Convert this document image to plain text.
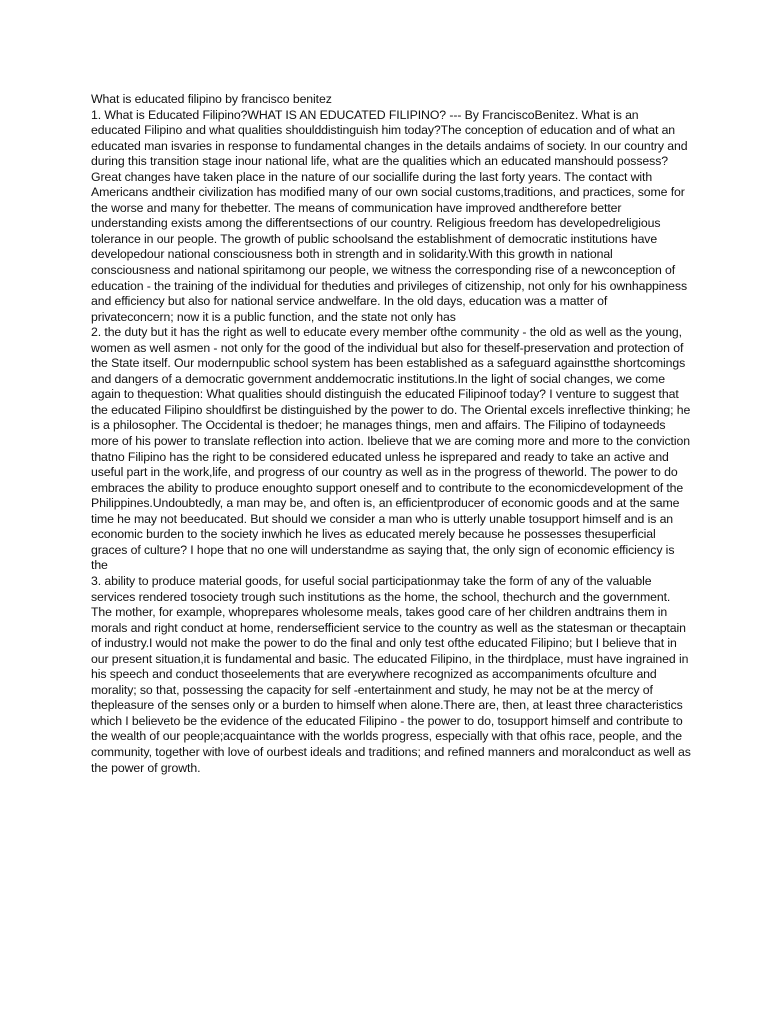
What is educated filipino by francisco benitez

1. What is Educated Filipino?WHAT IS AN EDUCATED FILIPINO? --- By FranciscoBenitez. What is an educated Filipino and what qualities shoulddistinguish him today?The conception of education and of what an educated man isvaries in response to fundamental changes in the details andaims of society. In our country and during this transition stage inour national life, what are the qualities which an educated manshould possess?Great changes have taken place in the nature of our sociallife during the last forty years. The contact with Americans andtheir civilization has modified many of our own social customs,traditions, and practices, some for the worse and many for thebetter. The means of communication have improved andtherefore better understanding exists among the differentsections of our country. Religious freedom has developedreligious tolerance in our people. The growth of public schoolsand the establishment of democratic institutions have developedour national consciousness both in strength and in solidarity.With this growth in national consciousness and national spiritamong our people, we witness the corresponding rise of a newconception of education - the training of the individual for theduties and privileges of citizenship, not only for his ownhappiness and efficiency but also for national service andwelfare. In the old days, education was a matter of privateconcern; now it is a public function, and the state not only has

2. the duty but it has the right as well to educate every member ofthe community - the old as well as the young, women as well asmen - not only for the good of the individual but also for theself-preservation and protection of the State itself. Our modernpublic school system has been established as a safeguard againstthe shortcomings and dangers of a democratic government anddemocratic institutions.In the light of social changes, we come again to thequestion: What qualities should distinguish the educated Filipinoof today? I venture to suggest that the educated Filipino shouldfirst be distinguished by the power to do. The Oriental excels inreflective thinking; he is a philosopher. The Occidental is thedoer; he manages things, men and affairs. The Filipino of todayneeds more of his power to translate reflection into action. Ibelieve that we are coming more and more to the conviction thatno Filipino has the right to be considered educated unless he isprepared and ready to take an active and useful part in the work,life, and progress of our country as well as in the progress of theworld. The power to do embraces the ability to produce enoughto support oneself and to contribute to the economicdevelopment of the Philippines.Undoubtedly, a man may be, and often is, an efficientproducer of economic goods and at the same time he may not beeducated. But should we consider a man who is utterly unable tosupport himself and is an economic burden to the society inwhich he lives as educated merely because he possesses thesuperficial graces of culture? I hope that no one will understandme as saying that, the only sign of economic efficiency is the

3. ability to produce material goods, for useful social participationmay take the form of any of the valuable services rendered tosociety trough such institutions as the home, the school, thechurch and the government. The mother, for example, whoprepares wholesome meals, takes good care of her children andtrains them in morals and right conduct at home, rendersefficient service to the country as well as the statesman or thecaptain of industry.I would not make the power to do the final and only test ofthe educated Filipino; but I believe that in our present situation,it is fundamental and basic. The educated Filipino, in the thirdplace, must have ingrained in his speech and conduct thoseelements that are everywhere recognized as accompaniments ofculture and morality; so that, possessing the capacity for self -entertainment and study, he may not be at the mercy of thepleasure of the senses only or a burden to himself when alone.There are, then, at least three characteristics which I believeto be the evidence of the educated Filipino - the power to do, tosupport himself and contribute to the wealth of our people;acquaintance with the worlds progress, especially with that ofhis race, people, and the community, together with love of ourbest ideals and traditions; and refined manners and moralconduct as well as the power of growth.
